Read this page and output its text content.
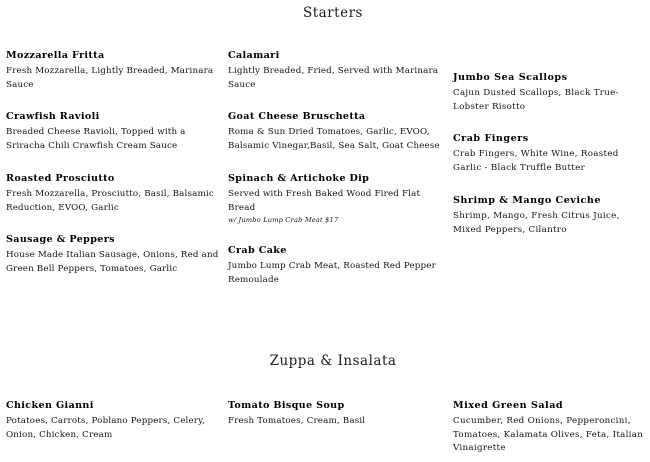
Starters
Mozzarella Fritta
Fresh Mozzarella, Lightly Breaded, Marinara Sauce
Crawfish Ravioli
Breaded Cheese Ravioli, Topped with a Sriracha Chili Crawfish Cream Sauce
Roasted Prosciutto
Fresh Mozzarella, Prosciutto, Basil, Balsamic Reduction, EVOO, Garlic
Sausage & Peppers
House Made Italian Sausage, Onions, Red and Green Bell Peppers, Tomatoes, Garlic
Calamari
Lightly Breaded, Fried, Served with Marinara Sauce
Goat Cheese Bruschetta
Roma & Sun Dried Tomatoes, Garlic, EVOO, Balsamic Vinegar,Basil, Sea Salt, Goat Cheese
Spinach & Artichoke Dip
Served with Fresh Baked Wood Fired Flat Bread
w/ Jumbo Lump Crab Meat $17
Crab Cake
Jumbo Lump Crab Meat, Roasted Red Pepper Remoulade
Jumbo Sea Scallops
Cajun Dusted Scallops, Black True-Lobster Risotto
Crab Fingers
Crab Fingers, White Wine, Roasted Garlic - Black Truffle Butter
Shrimp & Mango Ceviche
Shrimp, Mango, Fresh Citrus Juice, Mixed Peppers, Cilantro
Zuppa & Insalata
Chicken Gianni
Potatoes, Carrots, Poblano Peppers, Celery, Onion, Chicken, Cream
Tomato Bisque Soup
Fresh Tomatoes, Cream, Basil
Mixed Green Salad
Cucumber, Red Onions, Pepperoncini, Tomatoes, Kalamata Olives, Feta, Italian Vinaigrette
